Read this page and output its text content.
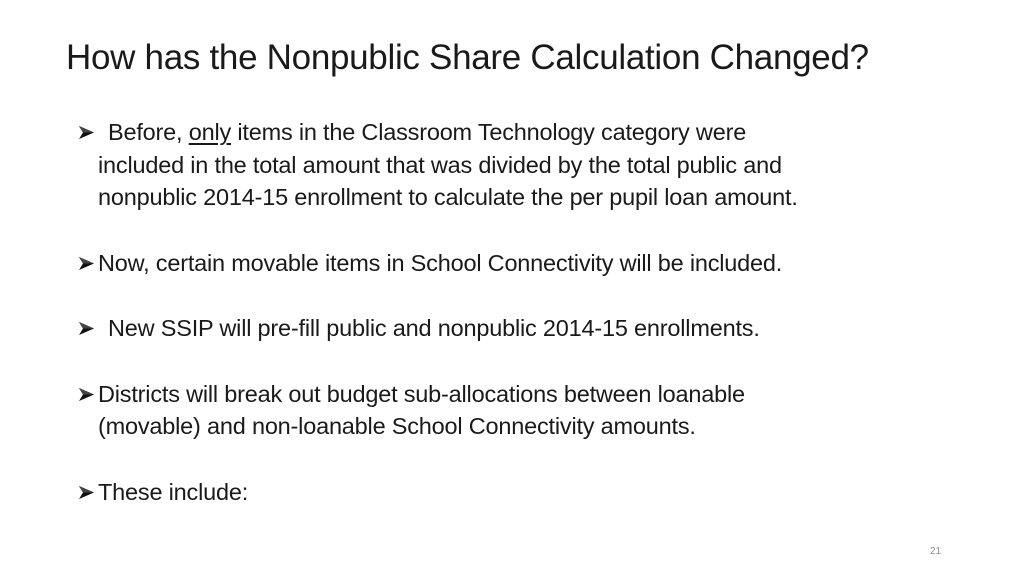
How has the Nonpublic Share Calculation Changed?
Before, only items in the Classroom Technology category were
included in the total amount that was divided by the total public and
nonpublic 2014-15 enrollment to calculate the per pupil loan amount.
Now, certain movable items in School Connectivity will be included.
New SSIP will pre-fill public and nonpublic 2014-15 enrollments.
Districts will break out budget sub-allocations between loanable
(movable) and non-loanable School Connectivity amounts.
These include:
21
